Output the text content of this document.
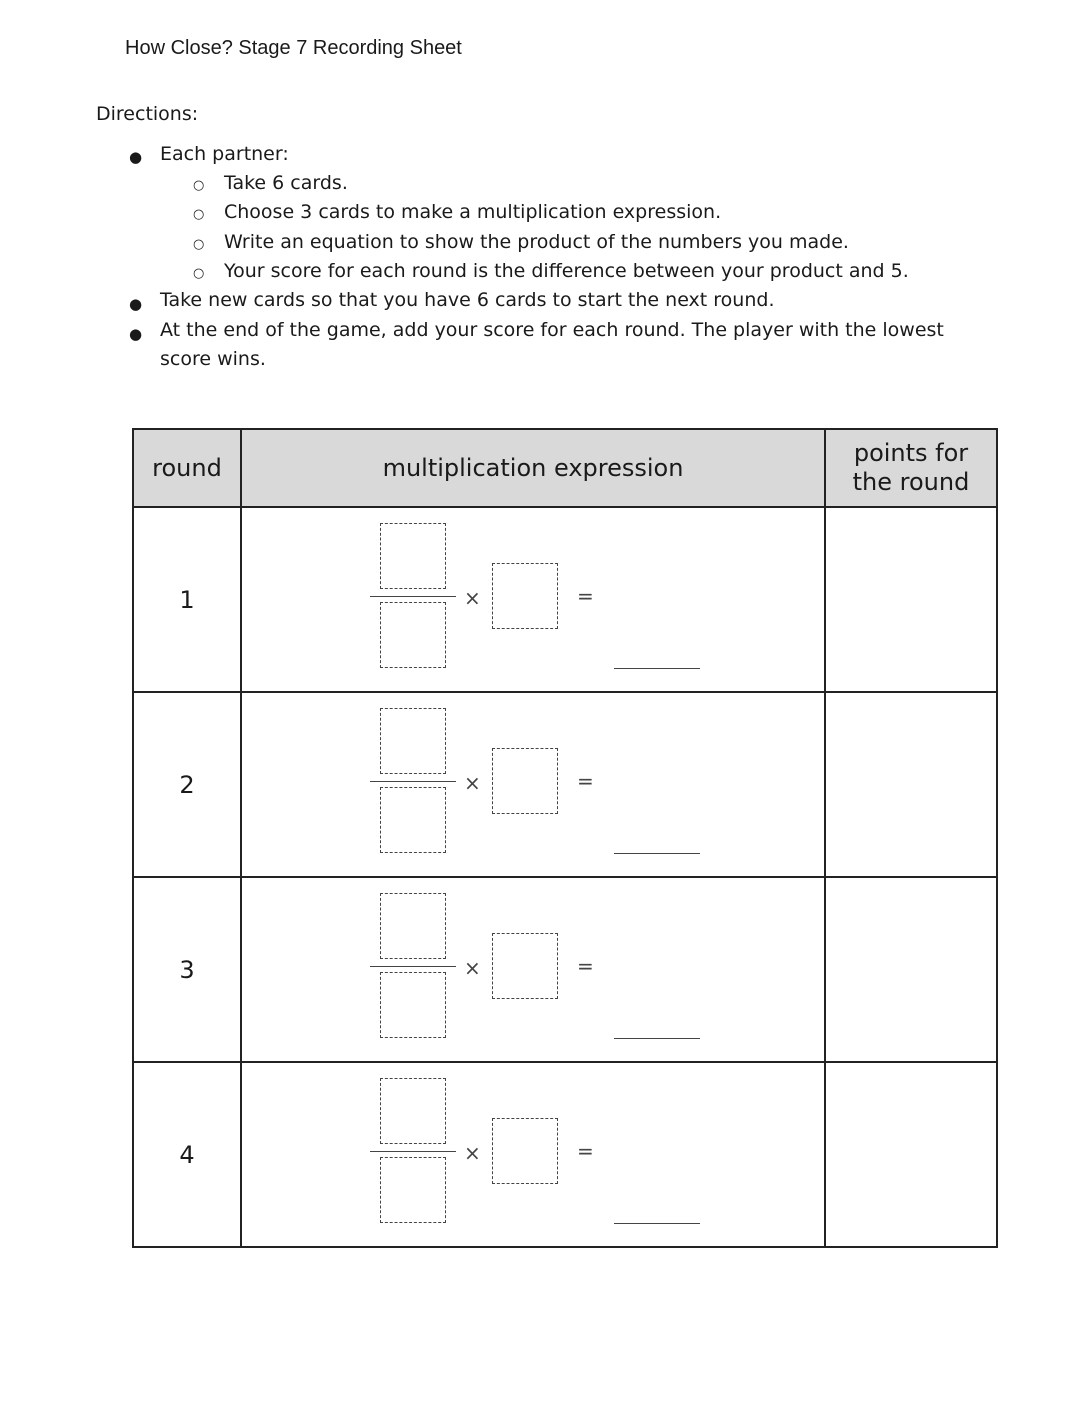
How Close? Stage 7 Recording Sheet
Directions:
● Each partner:
○ Take 6 cards.
○ Choose 3 cards to make a multiplication expression.
○ Write an equation to show the product of the numbers you made.
○ Your score for each round is the difference between your product and 5.
● Take new cards so that you have 6 cards to start the next round.
● At the end of the game, add your score for each round. The player with the lowest
score wins.
round	multiplication expression	points for
the round

1	× =	

2	× =	

3	× =	

4	× =	
